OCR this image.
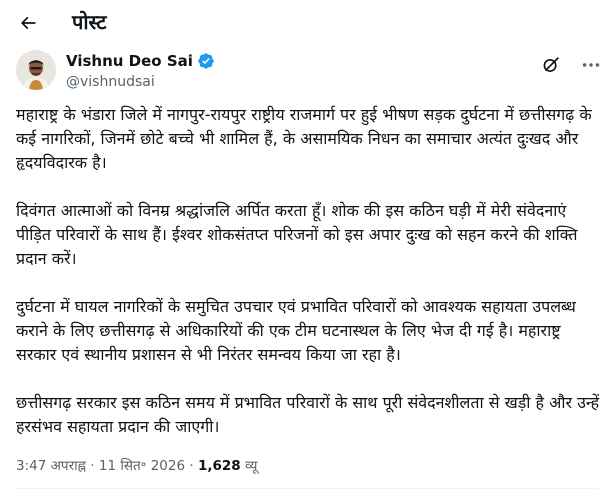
पोस्ट
Vishnu Deo Sai
@vishnudsai

महाराष्ट्र के भंडारा जिले में नागपुर-रायपुर राष्ट्रीय राजमार्ग पर हुई भीषण सड़क दुर्घटना में छत्तीसगढ़ के कई नागरिकों, जिनमें छोटे बच्चे भी शामिल हैं, के असामयिक निधन का समाचार अत्यंत दुःखद और हृदयविदारक है।

दिवंगत आत्माओं को विनम्र श्रद्धांजलि अर्पित करता हूँ। शोक की इस कठिन घड़ी में मेरी संवेदनाएं पीड़ित परिवारों के साथ हैं। ईश्वर शोकसंतप्त परिजनों को इस अपार दुःख को सहन करने की शक्ति प्रदान करें।

दुर्घटना में घायल नागरिकों के समुचित उपचार एवं प्रभावित परिवारों को आवश्यक सहायता उपलब्ध कराने के लिए छत्तीसगढ़ से अधिकारियों की एक टीम घटनास्थल के लिए भेज दी गई है। महाराष्ट्र सरकार एवं स्थानीय प्रशासन से भी निरंतर समन्वय किया जा रहा है।

छत्तीसगढ़ सरकार इस कठिन समय में प्रभावित परिवारों के साथ पूरी संवेदनशीलता से खड़ी है और उन्हें हरसंभव सहायता प्रदान की जाएगी।

3:47 अपराह्न · 11 सित॰ 2026 · 1,628 व्यू
